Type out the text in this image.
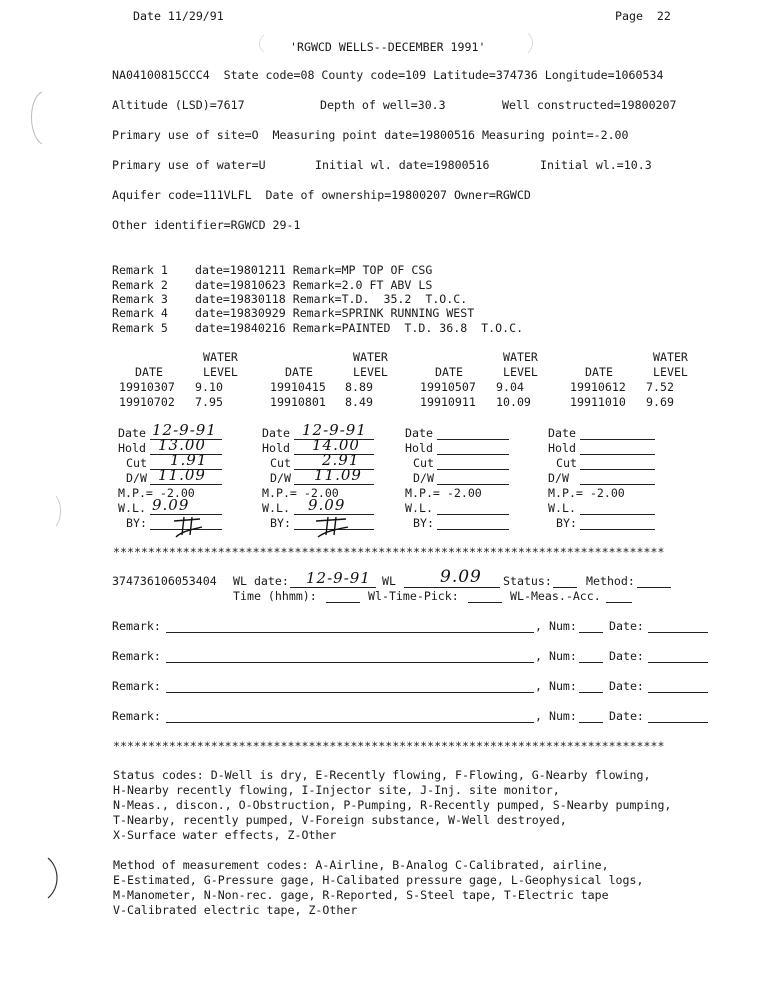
Date 11/29/91	Page  22
'RGWCD WELLS--DECEMBER 1991'
NA04100815CCC4  State code=08 County code=109 Latitude=374736 Longitude=1060534
Altitude (LSD)=7617	Depth of well=30.3	Well constructed=19800207
Primary use of site=O  Measuring point date=19800516 Measuring point=-2.00
Primary use of water=U	Initial wl. date=19800516	Initial wl.=10.3
Aquifer code=111VLFL  Date of ownership=19800207 Owner=RGWCD
Other identifier=RGWCD 29-1
Remark 1 date=19801211 Remark=MP TOP OF CSG
Remark 2 date=19810623 Remark=2.0 FT ABV LS
Remark 3 date=19830118 Remark=T.D.  35.2  T.O.C.
Remark 4 date=19830929 Remark=SPRINK RUNNING WEST
Remark 5 date=19840216 Remark=PAINTED  T.D. 36.8  T.O.C.
WATER	WATER	WATER	WATER
DATE	LEVEL	DATE	LEVEL	DATE	LEVEL	DATE	LEVEL
19910307 9.10	19910415 8.89	19910507 9.04	19910612 7.52
19910702 7.95	19910801 8.49	19910911 10.09	19911010 9.69
Date 12-9-91
Hold 13.00
Cut 1.91
D/W 11.09
M.P.= -2.00
W.L. 9.09
BY:
Date 12-9-91
Hold 14.00
Cut 2.91
D/W 11.09
M.P.= -2.00
W.L. 9.09
BY:
Date
Hold
Cut
D/W
M.P.= -2.00
W.L.
BY:
Date
Hold
Cut
D/W
M.P.= -2.00
W.L.
BY:
*******************************************************************************
374736106053404 WL date: 12-9-91 WL	9.09 Status:	Method:
Time (hhmm):	Wl-Time-Pick:	WL-Meas.-Acc.
Remark:	, Num:	Date:
Remark:	, Num:	Date:
Remark:	, Num:	Date:
Remark:	, Num:	Date:
*******************************************************************************
Status codes: D-Well is dry, E-Recently flowing, F-Flowing, G-Nearby flowing,
H-Nearby recently flowing, I-Injector site, J-Inj. site monitor,
N-Meas., discon., O-Obstruction, P-Pumping, R-Recently pumped, S-Nearby pumping,
T-Nearby, recently pumped, V-Foreign substance, W-Well destroyed,
X-Surface water effects, Z-Other
Method of measurement codes: A-Airline, B-Analog C-Calibrated, airline,
E-Estimated, G-Pressure gage, H-Calibated pressure gage, L-Geophysical logs,
M-Manometer, N-Non-rec. gage, R-Reported, S-Steel tape, T-Electric tape
V-Calibrated electric tape, Z-Other
